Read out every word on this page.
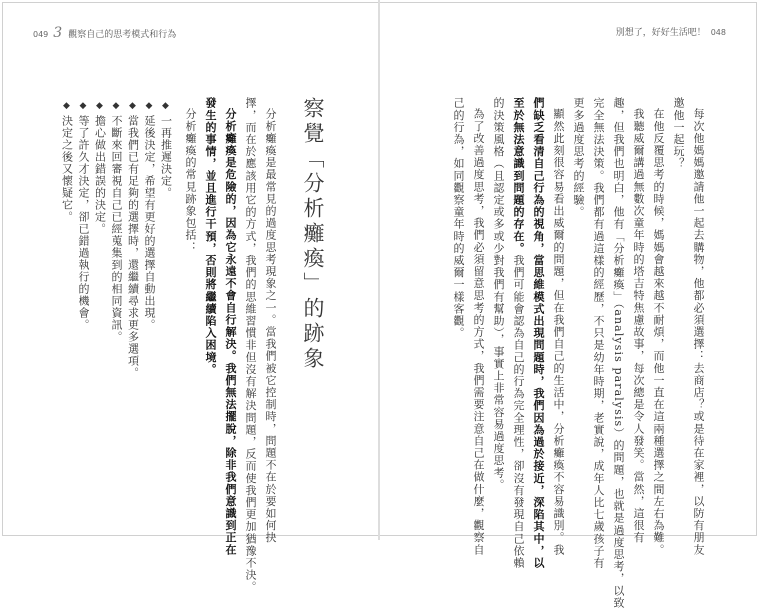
049 3 觀察自己的思考模式和行為	別想了，好好生活吧！ 048
每次他媽媽邀請他一起去購物，他都必須選擇：去商店？或是待在家裡，以防有朋友
邀他一起玩？
在他反覆思考的時候，媽媽會越來越不耐煩，而他一直在這兩種選擇之間左右為難。
我聽威爾講過無數次童年時的塔吉特焦慮故事，每次總是令人發笑。當然，這很有
趣，但我們也明白，他有「分析癱瘓」（analysis paralysis）的問題，也就是過度思考，以致
完全無法決策。我們都有過這樣的經歷，不只是幼年時期，老實說，成年人比七歲孩子有
更多過度思考的經驗。
顯然此刻很容易看出威爾的問題，但在我們自己的生活中，分析癱瘓不容易識別。我
們缺乏看清自己行為的視角，當思維模式出現問題時，我們因為過於接近，深陷其中，以
至於無法意識到問題的存在。我們可能會認為自己的行為完全理性，卻沒有發現自己依賴
的決策風格（且認定或多或少對我們有幫助），事實上非常容易過度思考。
為了改善過度思考，我們必須留意思考的方式，我們需要注意自己在做什麼，觀察自
己的行為，如同觀察童年時的威爾一樣客觀。
察覺「分析癱瘓」的跡象
分析癱瘓是最常見的過度思考現象之一。當我們被它控制時，問題不在於要如何抉
擇，而在於應該用它的方式，我們的思維習慣非但沒有解決問題，反而使我們更加猶豫不決。
分析癱瘓是危險的，因為它永遠不會自行解決。我們無法擺脫，除非我們意識到正在
發生的事情，並且進行干預，否則將繼續陷入困境。
分析癱瘓的常見跡象包括：
◆一再推遲決定。
◆延後決定，希望有更好的選擇自動出現。
◆當我們已有足夠的選擇時，還繼續尋求更多選項。
◆不斷來回審視自己已經蒐集到的相同資訊。
◆擔心做出錯誤的決定。
◆等了許久才決定，卻已錯過執行的機會。
◆決定之後又懷疑它。
